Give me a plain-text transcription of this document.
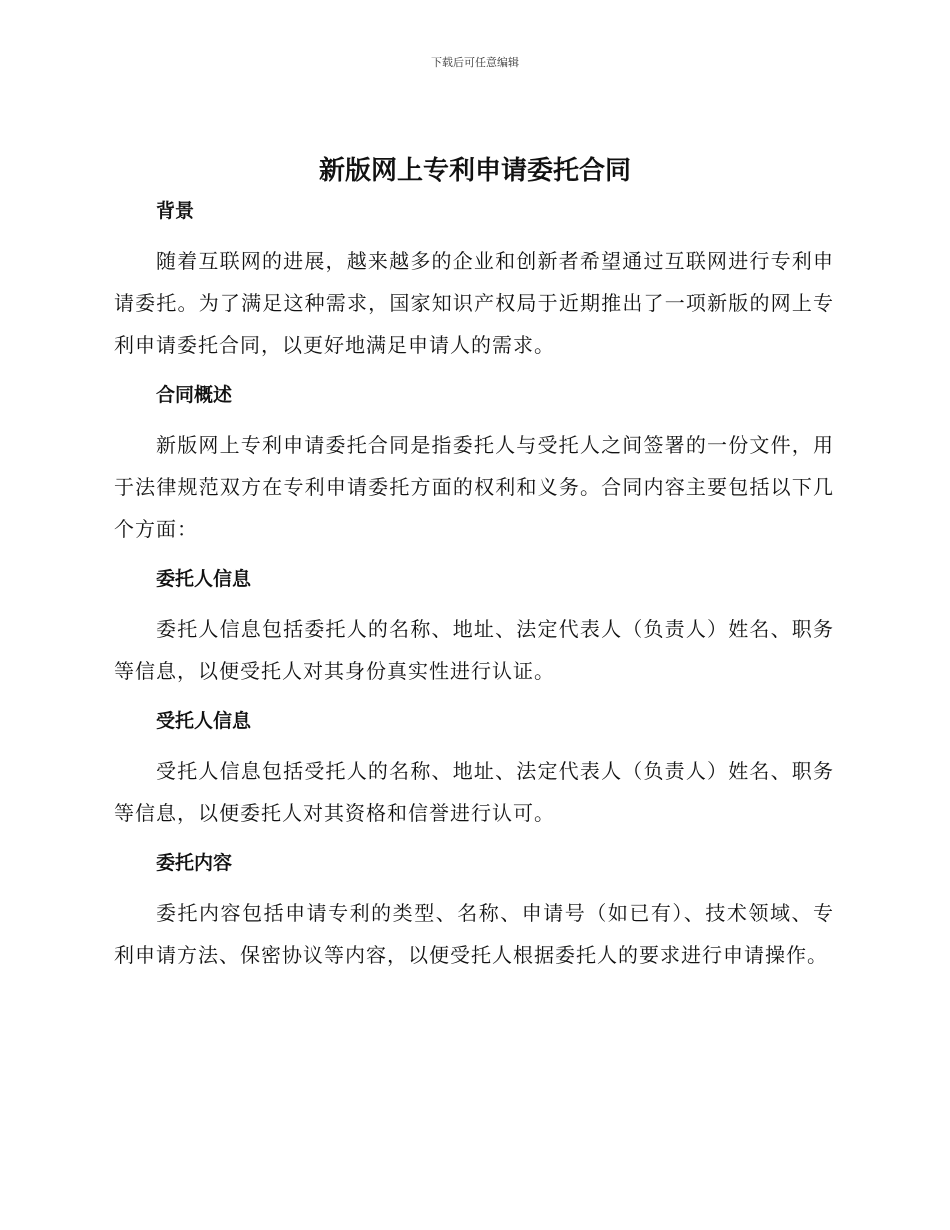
下载后可任意编辑
新版网上专利申请委托合同
背景

随着互联网的进展，越来越多的企业和创新者希望通过互联网进行专利申请委托。为了满足这种需求，国家知识产权局于近期推出了一项新版的网上专利申请委托合同，以更好地满足申请人的需求。

合同概述

新版网上专利申请委托合同是指委托人与受托人之间签署的一份文件，用于法律规范双方在专利申请委托方面的权利和义务。合同内容主要包括以下几个方面：

委托人信息

委托人信息包括委托人的名称、地址、法定代表人（负责人）姓名、职务等信息，以便受托人对其身份真实性进行认证。

受托人信息

受托人信息包括受托人的名称、地址、法定代表人（负责人）姓名、职务等信息，以便委托人对其资格和信誉进行认可。

委托内容

委托内容包括申请专利的类型、名称、申请号（如已有）、技术领域、专利申请方法、保密协议等内容，以便受托人根据委托人的要求进行申请操作。
